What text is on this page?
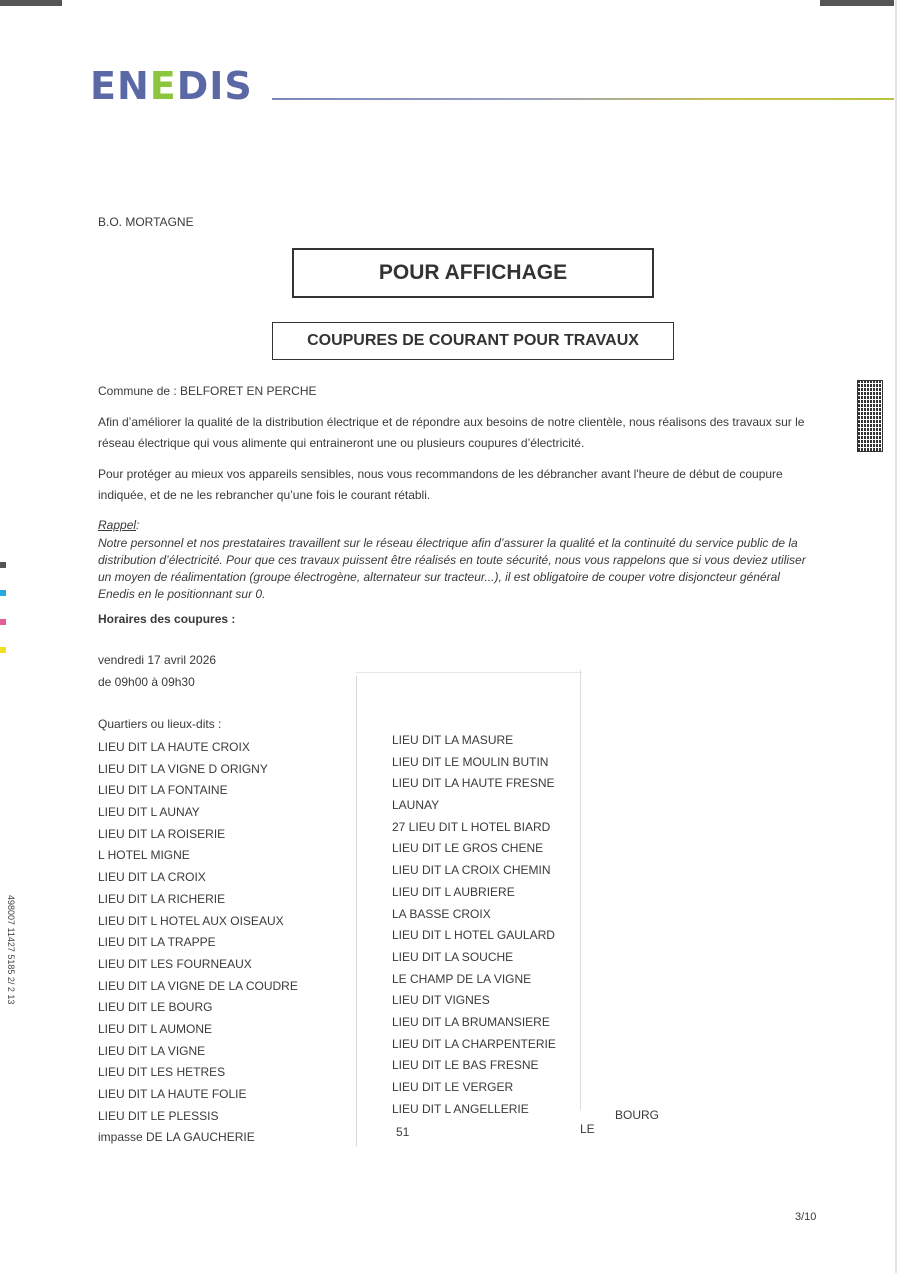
ENEDIS
B.O. MORTAGNE
POUR AFFICHAGE
COUPURES DE COURANT POUR TRAVAUX
Commune de : BELFORET EN PERCHE
Afin d’améliorer la qualité de la distribution électrique et de répondre aux besoins de notre clientèle, nous réalisons des travaux sur le réseau électrique qui vous alimente qui entraineront une ou plusieurs coupures d’électricité.
Pour protéger au mieux vos appareils sensibles, nous vous recommandons de les débrancher avant l'heure de début de coupure indiquée, et de ne les rebrancher qu’une fois le courant rétabli.
Rappel:
Notre personnel et nos prestataires travaillent sur le réseau électrique afin d’assurer la qualité et la continuité du service public de la distribution d’électricité. Pour que ces travaux puissent être réalisés en toute sécurité, nous vous rappelons que si vous deviez utiliser un moyen de réalimentation (groupe électrogène, alternateur sur tracteur...), il est obligatoire de couper votre disjoncteur général Enedis en le positionnant sur 0.
Horaires des coupures :
vendredi 17 avril 2026
de 09h00 à 09h30
Quartiers ou lieux-dits :
LIEU DIT LA HAUTE CROIX
LIEU DIT LA VIGNE D ORIGNY
LIEU DIT LA FONTAINE
LIEU DIT L AUNAY
LIEU DIT LA ROISERIE
L HOTEL MIGNE
LIEU DIT LA CROIX
LIEU DIT LA RICHERIE
LIEU DIT L HOTEL AUX OISEAUX
LIEU DIT LA TRAPPE
LIEU DIT LES FOURNEAUX
LIEU DIT LA VIGNE DE LA COUDRE
LIEU DIT LE BOURG
LIEU DIT L AUMONE
LIEU DIT LA VIGNE
LIEU DIT LES HETRES
LIEU DIT LA HAUTE FOLIE
LIEU DIT LE PLESSIS
impasse DE LA GAUCHERIE
LIEU DIT LA MASURE
LIEU DIT LE MOULIN BUTIN
LIEU DIT LA HAUTE FRESNE
LAUNAY
27 LIEU DIT L HOTEL BIARD
LIEU DIT LE GROS CHENE
LIEU DIT LA CROIX CHEMIN
LIEU DIT L AUBRIERE
LA BASSE CROIX
LIEU DIT L HOTEL GAULARD
LIEU DIT LA SOUCHE
LE CHAMP DE LA VIGNE
LIEU DIT VIGNES
LIEU DIT LA BRUMANSIERE
LIEU DIT LA CHARPENTERIE
LIEU DIT LE BAS FRESNE
LIEU DIT LE VERGER
LIEU DIT L ANGELLERIE
51	LE
BOURG
498007 11427 5185 2/ 2 13
3/10
